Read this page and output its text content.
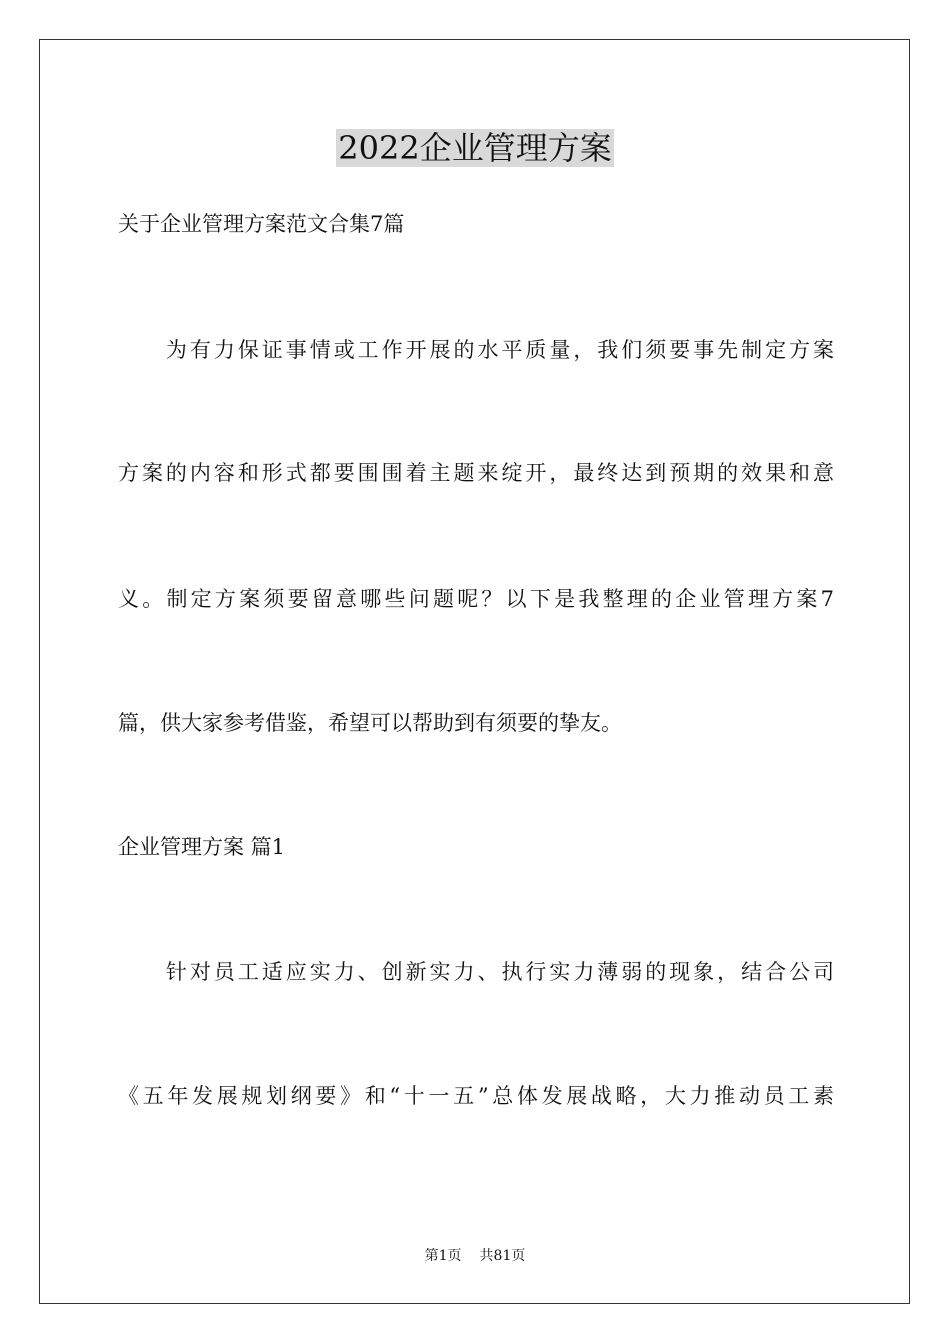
2022企业管理方案

关于企业管理方案范文合集7篇

　　为有力保证事情或工作开展的水平质量，我们须要事先制定方案

方案的内容和形式都要围围着主题来绽开，最终达到预期的效果和意

义。制定方案须要留意哪些问题呢？以下是我整理的企业管理方案7

篇，供大家参考借鉴，希望可以帮助到有须要的挚友。

企业管理方案 篇1

　　针对员工适应实力、创新实力、执行实力薄弱的现象，结合公司

《五年发展规划纲要》和“十一五”总体发展战略，大力推动员工素

第1页 共81页
